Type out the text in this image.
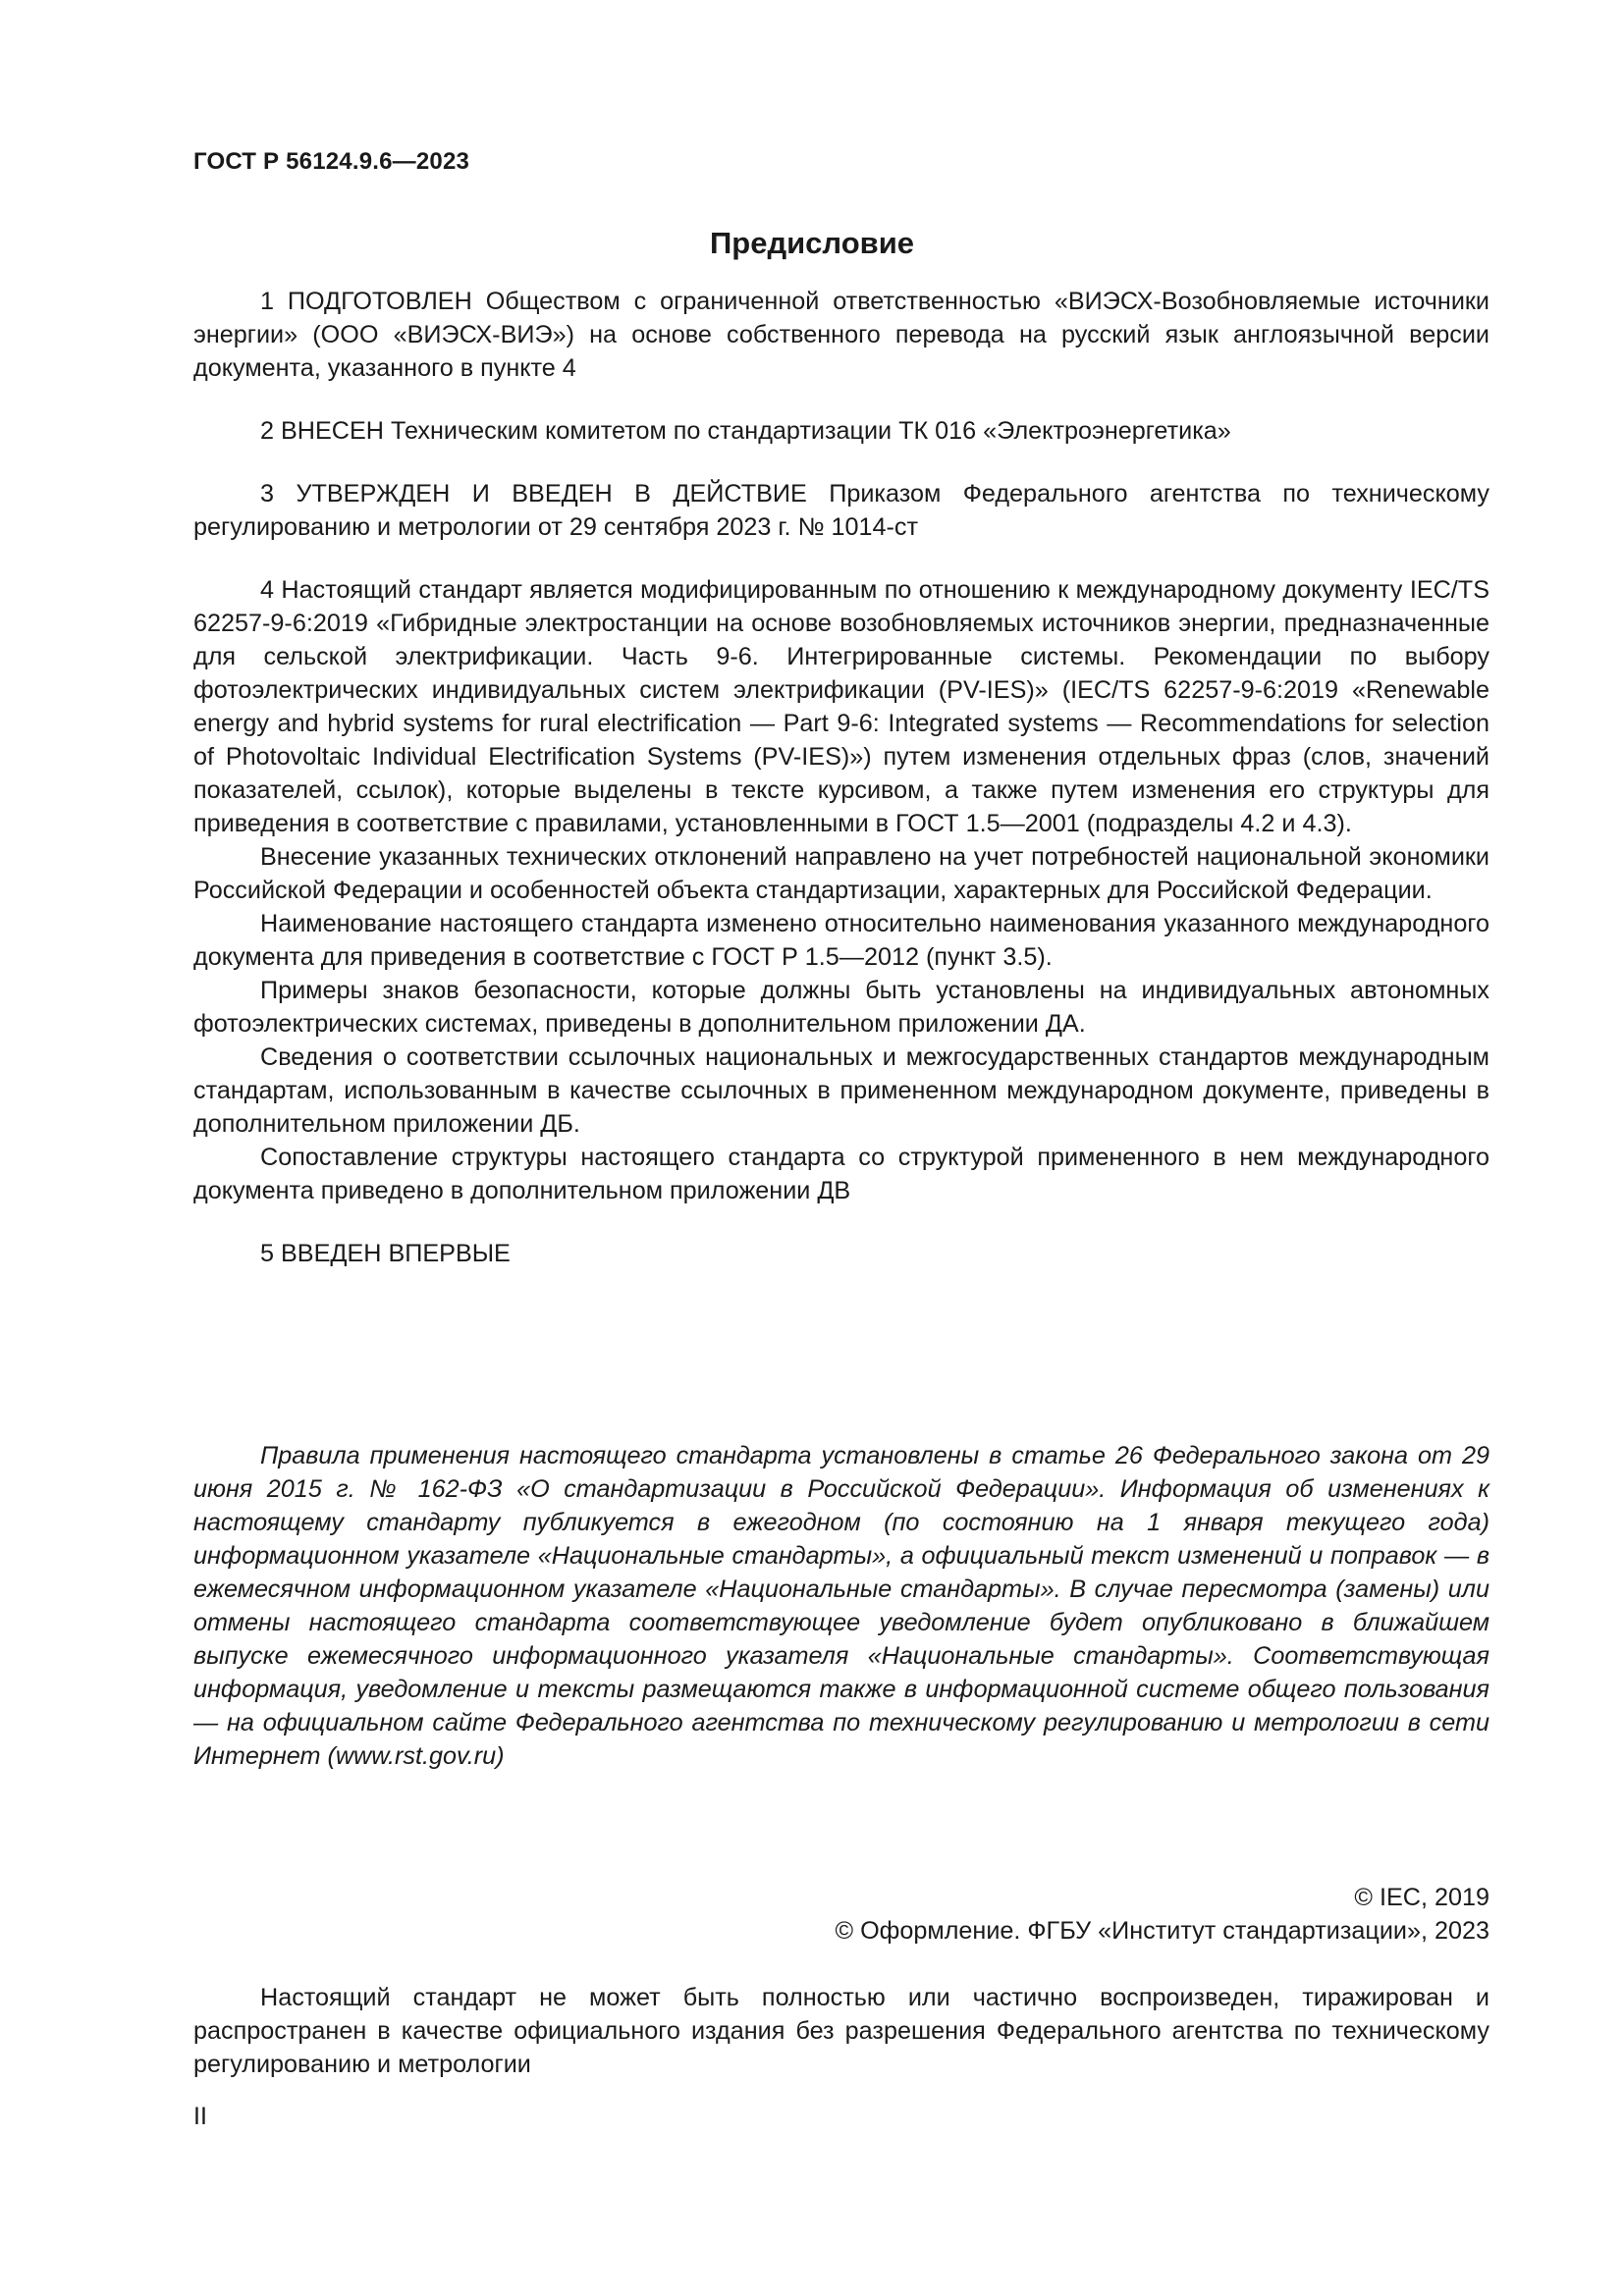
ГОСТ Р 56124.9.6—2023
Предисловие

1 ПОДГОТОВЛЕН Обществом с ограниченной ответственностью «ВИЭСХ-Возобновляемые источники энергии» (ООО «ВИЭСХ-ВИЭ») на основе собственного перевода на русский язык англоязычной версии документа, указанного в пункте 4

2 ВНЕСЕН Техническим комитетом по стандартизации ТК 016 «Электроэнергетика»

3 УТВЕРЖДЕН И ВВЕДЕН В ДЕЙСТВИЕ Приказом Федерального агентства по техническому регулированию и метрологии от 29 сентября 2023 г. № 1014-ст

4 Настоящий стандарт является модифицированным по отношению к международному документу IEC/TS 62257-9-6:2019 «Гибридные электростанции на основе возобновляемых источников энергии, предназначенные для сельской электрификации. Часть 9-6. Интегрированные системы. Рекомендации по выбору фотоэлектрических индивидуальных систем электрификации (PV-IES)» (IEC/TS 62257-9-6:2019 «Renewable energy and hybrid systems for rural electrification — Part 9-6: Integrated systems — Recommendations for selection of Photovoltaic Individual Electrification Systems (PV-IES)») путем изменения отдельных фраз (слов, значений показателей, ссылок), которые выделены в тексте курсивом, а также путем изменения его структуры для приведения в соответствие с правилами, установленными в ГОСТ 1.5—2001 (подразделы 4.2 и 4.3).

Внесение указанных технических отклонений направлено на учет потребностей национальной экономики Российской Федерации и особенностей объекта стандартизации, характерных для Российской Федерации.

Наименование настоящего стандарта изменено относительно наименования указанного международного документа для приведения в соответствие с ГОСТ Р 1.5—2012 (пункт 3.5).

Примеры знаков безопасности, которые должны быть установлены на индивидуальных автономных фотоэлектрических системах, приведены в дополнительном приложении ДА.

Сведения о соответствии ссылочных национальных и межгосударственных стандартов международным стандартам, использованным в качестве ссылочных в примененном международном документе, приведены в дополнительном приложении ДБ.

Сопоставление структуры настоящего стандарта со структурой примененного в нем международного документа приведено в дополнительном приложении ДВ

5 ВВЕДЕН ВПЕРВЫЕ

Правила применения настоящего стандарта установлены в статье 26 Федерального закона от 29 июня 2015 г. № 162-ФЗ «О стандартизации в Российской Федерации». Информация об изменениях к настоящему стандарту публикуется в ежегодном (по состоянию на 1 января текущего года) информационном указателе «Национальные стандарты», а официальный текст изменений и поправок — в ежемесячном информационном указателе «Национальные стандарты». В случае пересмотра (замены) или отмены настоящего стандарта соответствующее уведомление будет опубликовано в ближайшем выпуске ежемесячного информационного указателя «Национальные стандарты». Соответствующая информация, уведомление и тексты размещаются также в информационной системе общего пользования — на официальном сайте Федерального агентства по техническому регулированию и метрологии в сети Интернет (www.rst.gov.ru)

© IEC, 2019
© Оформление. ФГБУ «Институт стандартизации», 2023

Настоящий стандарт не может быть полностью или частично воспроизведен, тиражирован и распространен в качестве официального издания без разрешения Федерального агентства по техническому регулированию и метрологии

II
